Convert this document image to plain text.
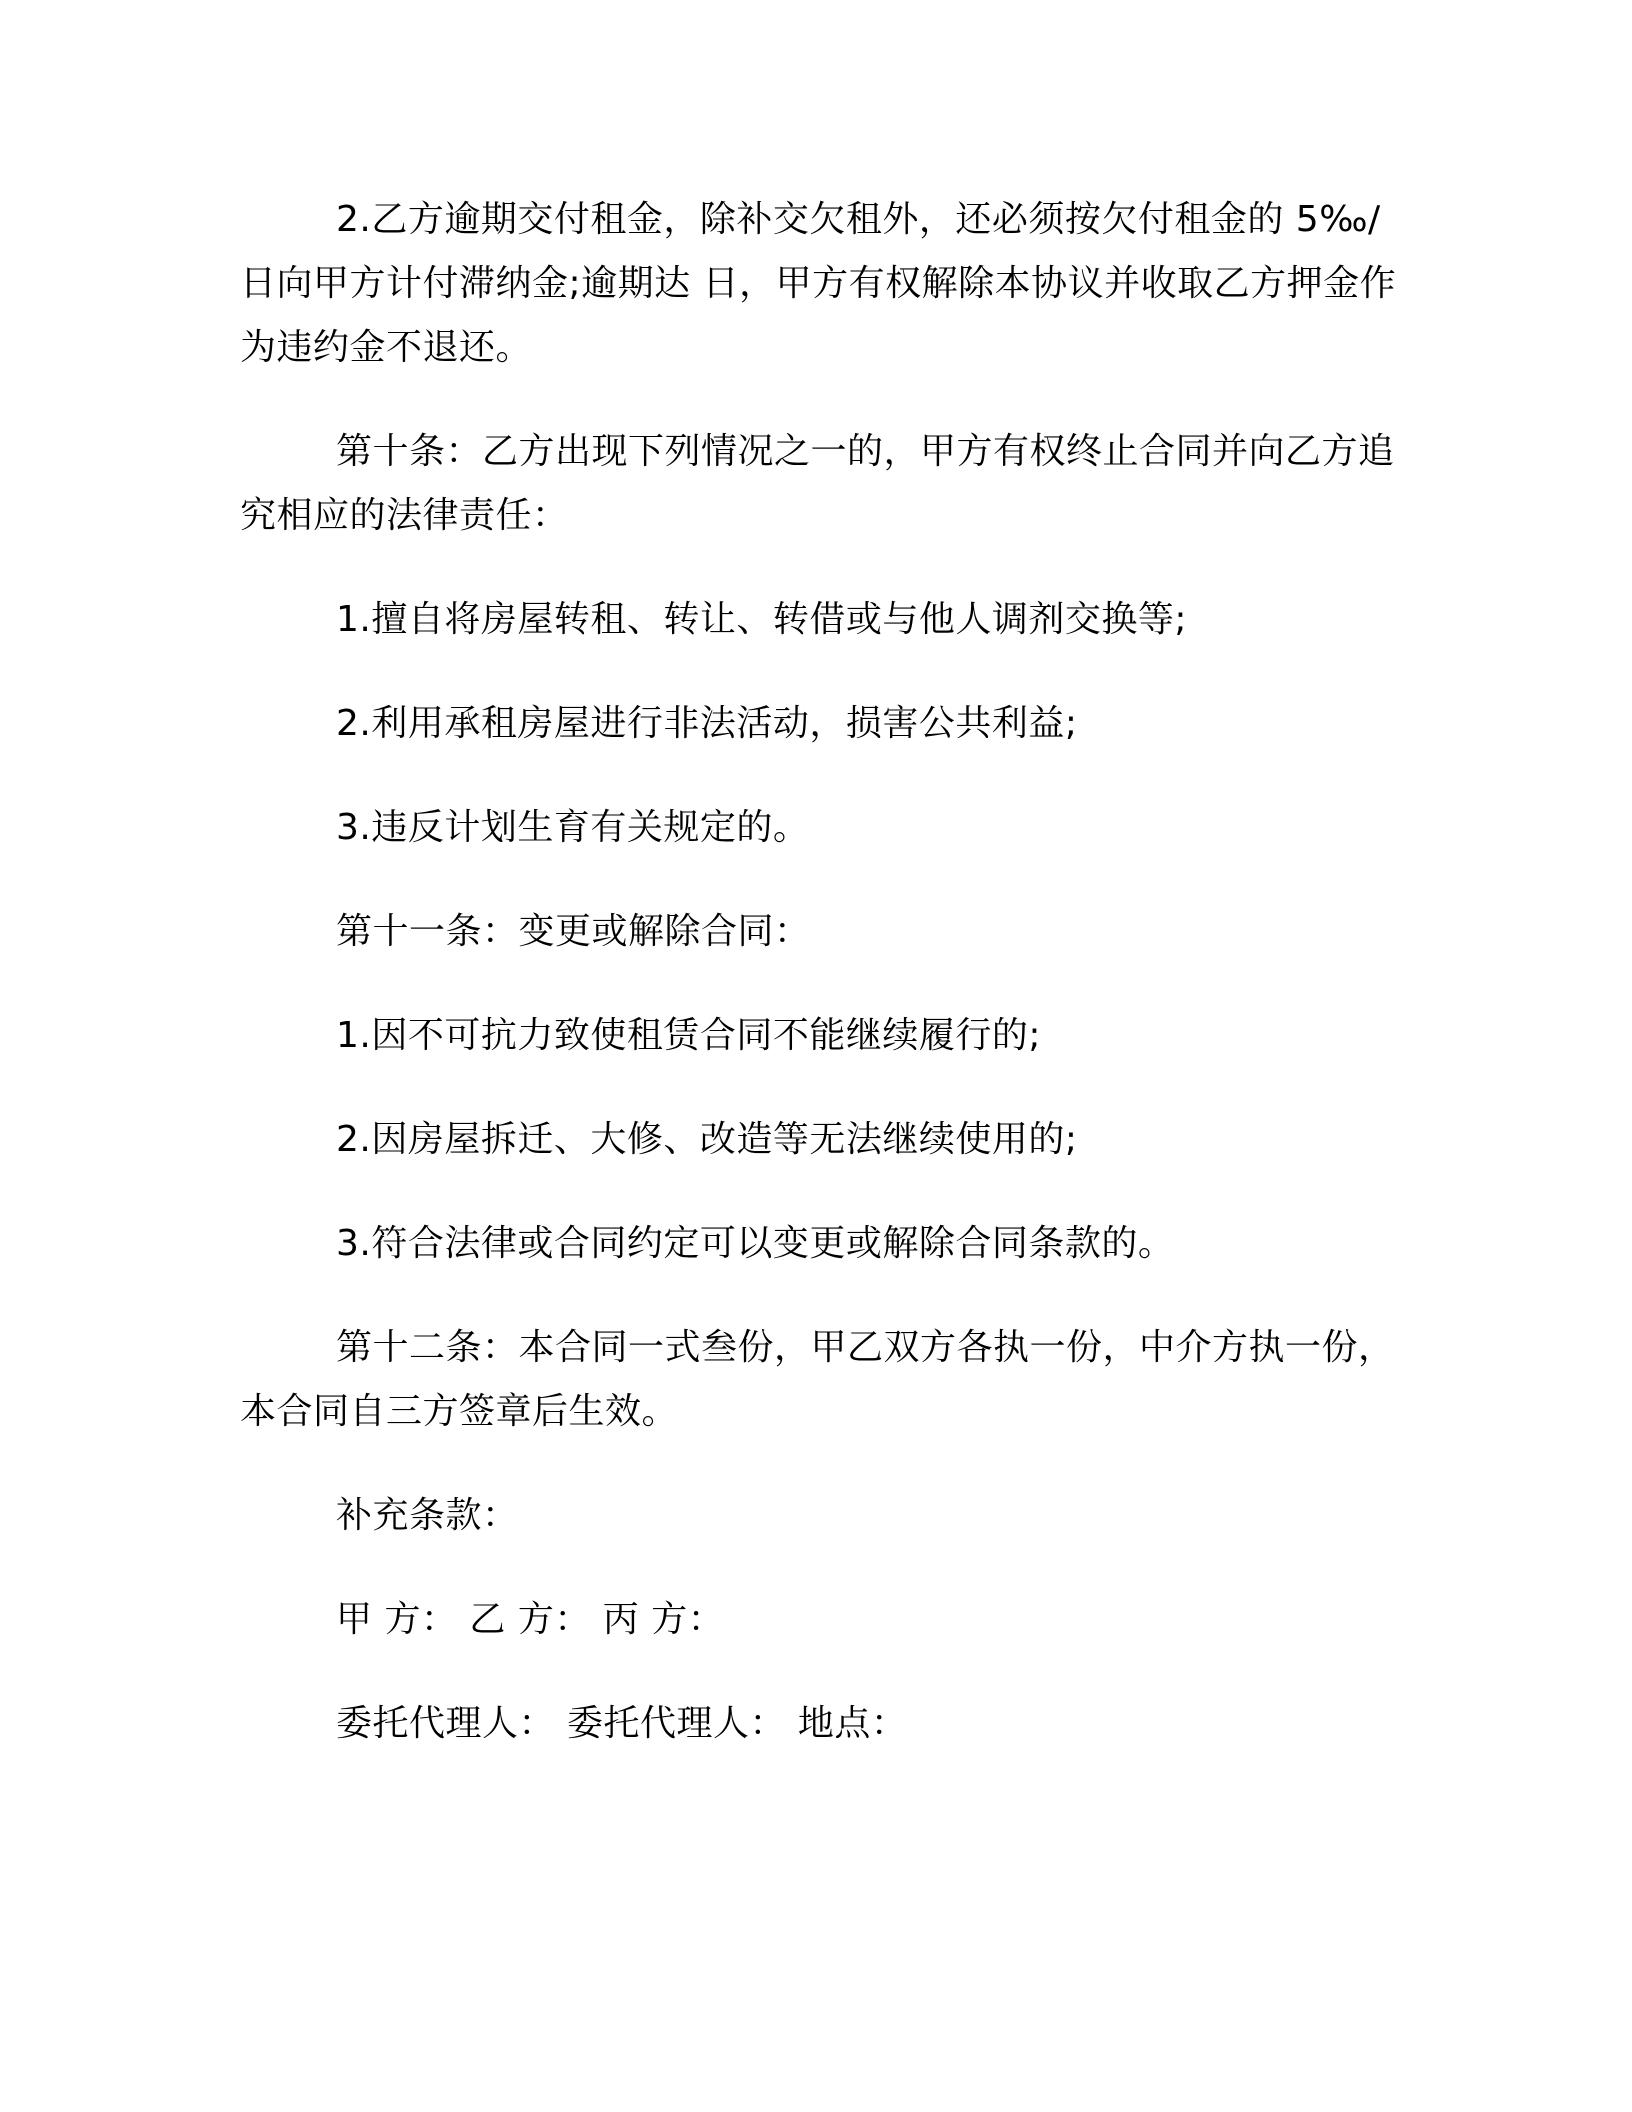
2.乙方逾期交付租金，除补交欠租外，还必须按欠付租金的 5‰/日向甲方计付滞纳金;逾期达 日，甲方有权解除本协议并收取乙方押金作为违约金不退还。

第十条：乙方出现下列情况之一的，甲方有权终止合同并向乙方追究相应的法律责任：

1.擅自将房屋转租、转让、转借或与他人调剂交换等;

2.利用承租房屋进行非法活动，损害公共利益;

3.违反计划生育有关规定的。

第十一条：变更或解除合同：

1.因不可抗力致使租赁合同不能继续履行的;

2.因房屋拆迁、大修、改造等无法继续使用的;

3.符合法律或合同约定可以变更或解除合同条款的。

第十二条：本合同一式叁份，甲乙双方各执一份，中介方执一份，本合同自三方签章后生效。

补充条款：

甲 方： 乙 方： 丙 方：

委托代理人： 委托代理人： 地点：
